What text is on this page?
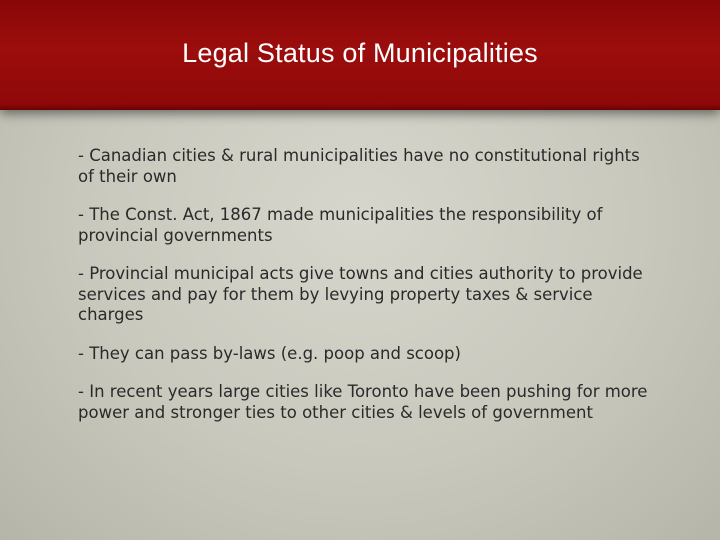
Legal Status of Municipalities

- Canadian cities & rural municipalities have no constitutional rights of their own

- The Const. Act, 1867 made municipalities the responsibility of provincial governments

- Provincial municipal acts give towns and cities authority to provide services and pay for them by levying property taxes & service charges

- They can pass by-laws (e.g. poop and scoop)

- In recent years large cities like Toronto have been pushing for more power and stronger ties to other cities & levels of government
